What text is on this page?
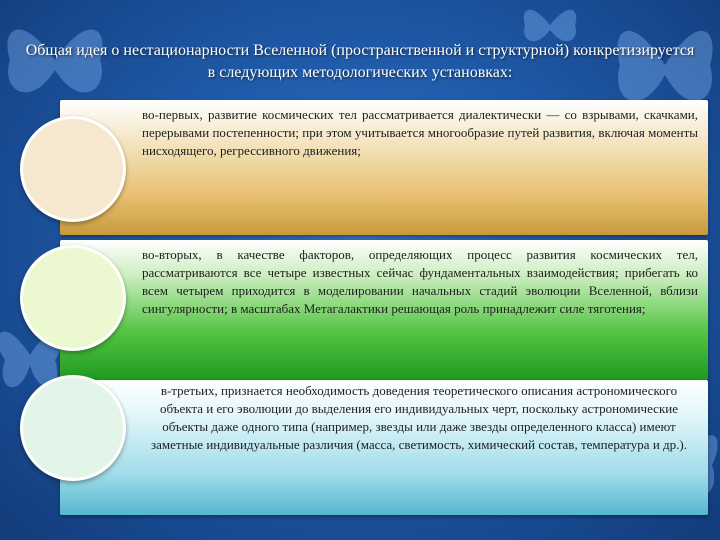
Общая идея о нестационарности Вселенной (пространственной и структурной) конкретизируется в следующих методологических установках:
во-первых, развитие космических тел рассматривается диалектически — со взрывами, скачками, перерывами постепенности; при этом учитывается многообразие путей развития, включая моменты нисходящего, регрессивного движения;
во-вторых, в качестве факторов, определяющих процесс развития космических тел, рассматриваются все четыре известных сейчас фундаментальных взаимодействия; прибегать ко всем четырем приходится в моделировании начальных стадий эволюции Вселенной, вблизи сингулярности; в масштабах Метагалактики решающая роль принадлежит силе тяготения;
в-третьих, признается необходимость доведения теоретического описания астрономического объекта и его эволюции до выделения его индивидуальных черт, поскольку астрономические объекты даже одного типа (например, звезды или даже звезды определенного класса) имеют заметные индивидуальные различия (масса, светимость, химический состав, температура и др.).
